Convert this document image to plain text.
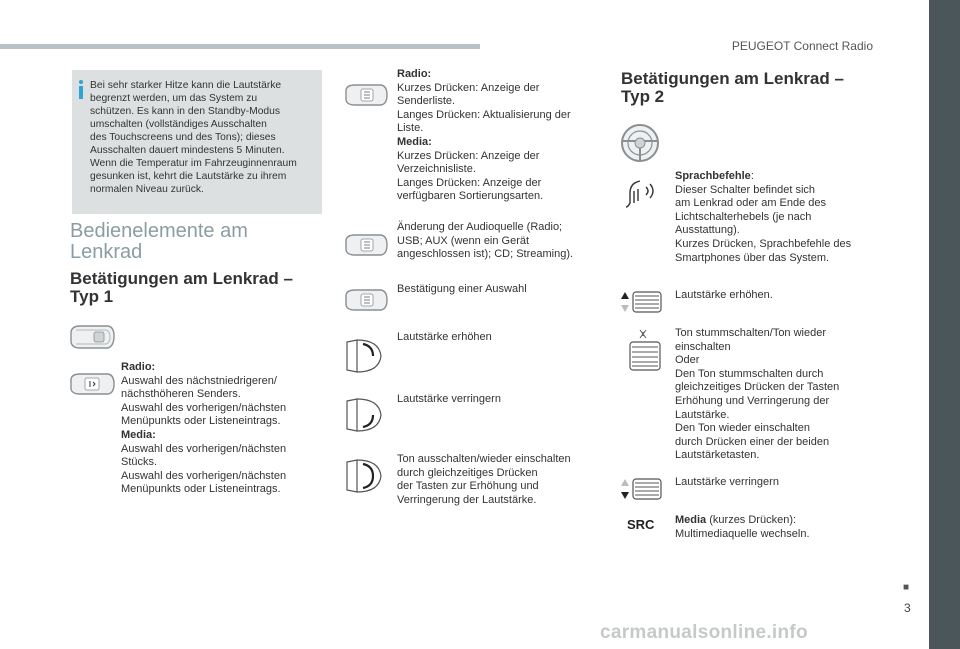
PEUGEOT Connect Radio

Bei sehr starker Hitze kann die Lautstärke
begrenzt werden, um das System zu
schützen. Es kann in den Standby-Modus
umschalten (vollständiges Ausschalten
des Touchscreens und des Tons); dieses
Ausschalten dauert mindestens 5 Minuten.
Wenn die Temperatur im Fahrzeuginnenraum
gesunken ist, kehrt die Lautstärke zu ihrem
normalen Niveau zurück.

Bedienelemente am
Lenkrad
Betätigungen am Lenkrad –
Typ 1

Radio:
Auswahl des nächstniedrigeren/
nächsthöheren Senders.
Auswahl des vorherigen/nächsten
Menüpunkts oder Listeneintrags.
Media:
Auswahl des vorherigen/nächsten
Stücks.
Auswahl des vorherigen/nächsten
Menüpunkts oder Listeneintrags.

Radio:
Kurzes Drücken: Anzeige der
Senderliste.
Langes Drücken: Aktualisierung der
Liste.
Media:
Kurzes Drücken: Anzeige der
Verzeichnisliste.
Langes Drücken: Anzeige der
verfügbaren Sortierungsarten.

Änderung der Audioquelle (Radio;
USB; AUX (wenn ein Gerät
angeschlossen ist); CD; Streaming).

Bestätigung einer Auswahl

Lautstärke erhöhen

Lautstärke verringern

Ton ausschalten/wieder einschalten
durch gleichzeitiges Drücken
der Tasten zur Erhöhung und
Verringerung der Lautstärke.

Betätigungen am Lenkrad –
Typ 2

Sprachbefehle:
Dieser Schalter befindet sich
am Lenkrad oder am Ende des
Lichtschalterhebels (je nach
Ausstattung).
Kurzes Drücken, Sprachbefehle des
Smartphones über das System.

Lautstärke erhöhen.

Ton stummschalten/Ton wieder
einschalten
Oder
Den Ton stummschalten durch
gleichzeitiges Drücken der Tasten
Erhöhung und Verringerung der
Lautstärke.
Den Ton wieder einschalten
durch Drücken einer der beiden
Lautstärketasten.

Lautstärke verringern

SRC Media (kurzes Drücken):
Multimediaquelle wechseln.

■
3
carmanualsonline.info
